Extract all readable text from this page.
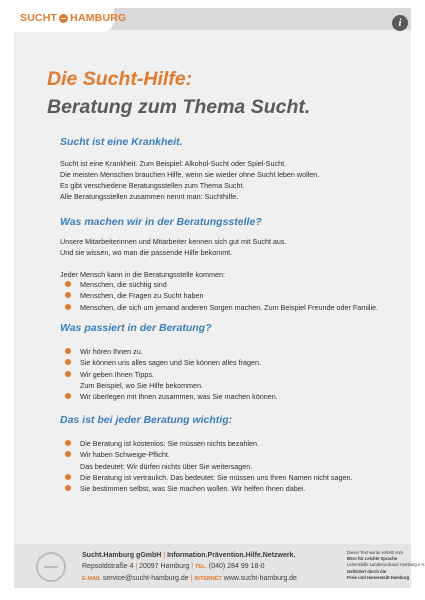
SUCHT HAMBURG	i
Die Sucht-Hilfe:
Beratung zum Thema Sucht.
Sucht ist eine Krankheit.
Sucht ist eine Krankheit. Zum Beispiel: Alkohol-Sucht oder Spiel-Sucht.
Die meisten Menschen brauchen Hilfe, wenn sie wieder ohne Sucht leben wollen.
Es gibt verschiedene Beratungsstellen zum Thema Sucht.
Alle Beratungsstellen zusammen nennt man: Suchthilfe.
Was machen wir in der Beratungsstelle?
Unsere Mitarbeiterinnen und Mitarbeiter kennen sich gut mit Sucht aus.
Und sie wissen, wo man die passende Hilfe bekommt.
Jeder Mensch kann in die Beratungsstelle kommen:
Menschen, die süchtig sind
Menschen, die Fragen zu Sucht haben
Menschen, die sich um jemand anderen Sorgen machen. Zum Beispiel Freunde oder Familie.
Was passiert in der Beratung?
Wir hören Ihnen zu.
Sie können uns alles sagen und Sie können alles fragen.
Wir geben Ihnen Tipps.
Zum Beispiel, wo Sie Hilfe bekommen.
Wir überlegen mit Ihnen zusammen, was Sie machen können.
Das ist bei jeder Beratung wichtig:
Die Beratung ist kostenlos: Sie müssen nichts bezahlen.
Wir haben Schweige-Pflicht.
Das bedeutet: Wir dürfen nichts über Sie weitersagen.
Die Beratung ist vertraulich. Das bedeutet: Sie müssen uns Ihren Namen nicht sagen.
Sie bestimmen selbst, was Sie machen wollen. Wir helfen Ihnen dabei.
Sucht.Hamburg gGmbH | Information.Prävention.Hilfe.Netzwerk.
Repsoldstraße 4 | 20097 Hamburg | TEL. (040) 284 99 18-0
E-MAIL service@sucht-hamburg.de | INTERNET www.sucht-hamburg.de
Dieser Text wurde erstellt vom
Büro für Leichte Sprache
Lebenshilfe Landesverband Hamburg e.V.
Gefördert durch die
Freie und Hansestadt Hamburg
